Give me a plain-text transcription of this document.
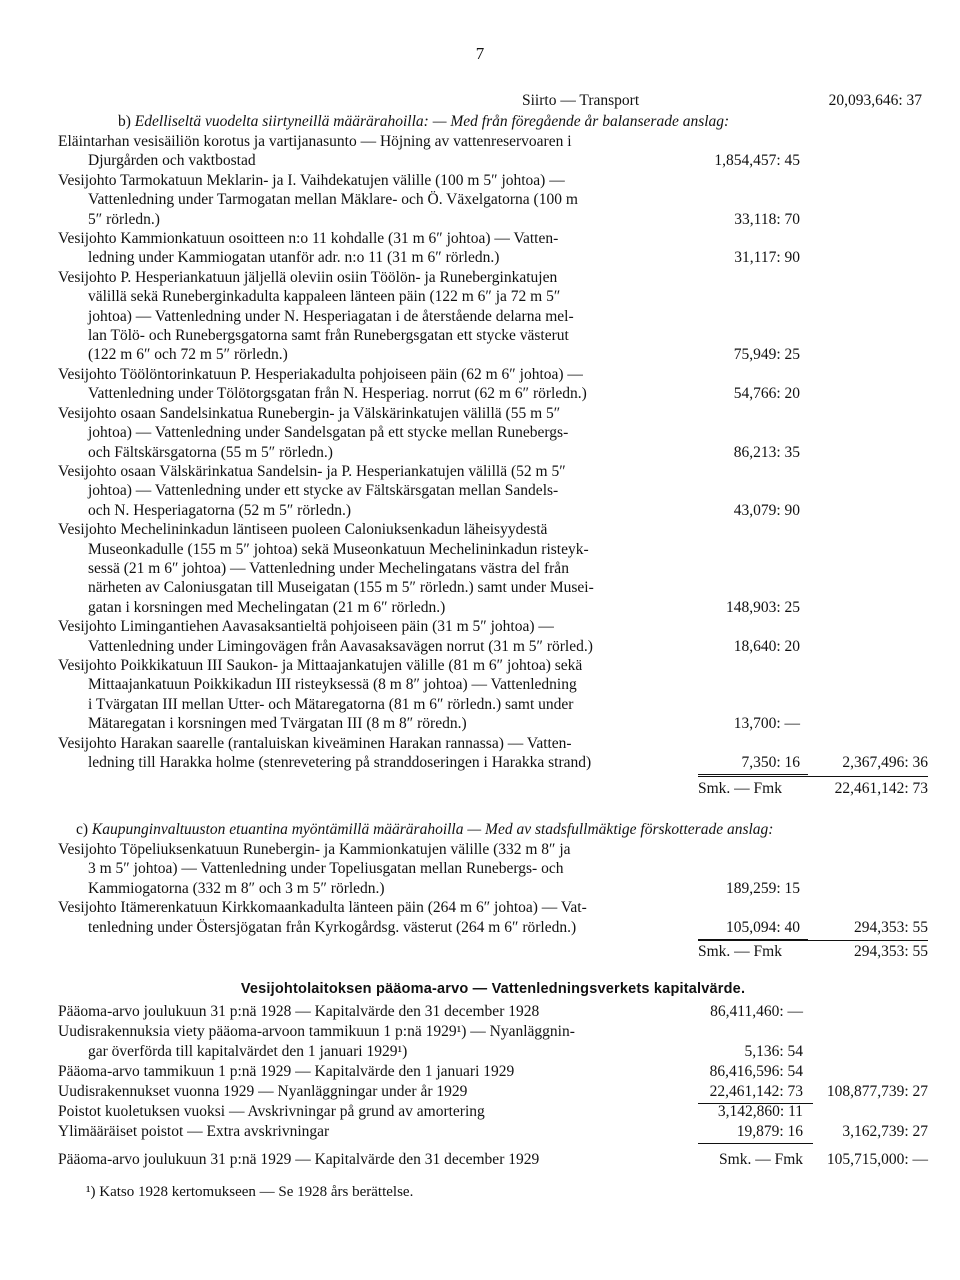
7
Siirto — Transport	20,093,646: 37
b) Edelliseltä vuodelta siirtyneillä määrärahoilla: — Med från föregående år balanserade anslag:
Eläintarhan vesisäiliön korotus ja vartijanasunto — Höjning av vattenreservoaren i
Djurgården och vaktbostad	1,854,457: 45
Vesijohto Tarmokatuun Meklarin- ja I. Vaihdekatujen välille (100 m 5″ johtoa) —
Vattenledning under Tarmogatan mellan Mäklare- och Ö. Växelgatorna (100 m
5″ rörledn.)	33,118: 70
Vesijohto Kammionkatuun osoitteen n:o 11 kohdalle (31 m 6″ johtoa) — Vatten-
ledning under Kammiogatan utanför adr. n:o 11 (31 m 6″ rörledn.)	31,117: 90
Vesijohto P. Hesperiankatuun jäljellä oleviin osiin Töölön- ja Runeberginkatujen
välillä sekä Runeberginkadulta kappaleen länteen päin (122 m 6″ ja 72 m 5″
johtoa) — Vattenledning under N. Hesperiagatan i de återstående delarna mel-
lan Tölö- och Runebergsgatorna samt från Runebergsgatan ett stycke västerut
(122 m 6″ och 72 m 5″ rörledn.)	75,949: 25
Vesijohto Töölöntorinkatuun P. Hesperiakadulta pohjoiseen päin (62 m 6″ johtoa) —
Vattenledning under Tölötorgsgatan från N. Hesperiag. norrut (62 m 6″ rörledn.)	54,766: 20
Vesijohto osaan Sandelsinkatua Runebergin- ja Välskärinkatujen välillä (55 m 5″
johtoa) — Vattenledning under Sandelsgatan på ett stycke mellan Runebergs-
och Fältskärsgatorna (55 m 5″ rörledn.)	86,213: 35
Vesijohto osaan Välskärinkatua Sandelsin- ja P. Hesperiankatujen välillä (52 m 5″
johtoa) — Vattenledning under ett stycke av Fältskärsgatan mellan Sandels-
och N. Hesperiagatorna (52 m 5″ rörledn.)	43,079: 90
Vesijohto Mechelininkadun läntiseen puoleen Caloniuksenkadun läheisyydestä
Museonkadulle (155 m 5″ johtoa) sekä Museonkatuun Mechelininkadun risteyk-
sessä (21 m 6″ johtoa) — Vattenledning under Mechelingatans västra del från
närheten av Caloniusgatan till Museigatan (155 m 5″ rörledn.) samt under Musei-
gatan i korsningen med Mechelingatan (21 m 6″ rörledn.)	148,903: 25
Vesijohto Limingantiehen Aavasaksantieltä pohjoiseen päin (31 m 5″ johtoa) —
Vattenledning under Limingovägen från Aavasaksavägen norrut (31 m 5″ rörled.)	18,640: 20
Vesijohto Poikkikatuun III Saukon- ja Mittaajankatujen välille (81 m 6″ johtoa) sekä
Mittaajankatuun Poikkikadun III risteyksessä (8 m 8″ johtoa) — Vattenledning
i Tvärgatan III mellan Utter- och Mätaregatorna (81 m 6″ rörledn.) samt under
Mätaregatan i korsningen med Tvärgatan III (8 m 8″ röredn.)	13,700: —
Vesijohto Harakan saarelle (rantaluiskan kiveäminen Harakan rannassa) — Vatten-
ledning till Harakka holme (stenrevetering på stranddoseringen i Harakka strand)	7,350: 16	2,367,496: 36
Smk. — Fmk	22,461,142: 73
c) Kaupunginvaltuuston etuantina myöntämillä määrärahoilla — Med av stadsfullmäktige förskotterade anslag:
Vesijohto Töpeliuksenkatuun Runebergin- ja Kammionkatujen välille (332 m 8″ ja
3 m 5″ johtoa) — Vattenledning under Topeliusgatan mellan Runebergs- och
Kammiogatorna (332 m 8″ och 3 m 5″ rörledn.)	189,259: 15
Vesijohto Itämerenkatuun Kirkkomaankadulta länteen päin (264 m 6″ johtoa) — Vat-
tenledning under Östersjögatan från Kyrkogårdsg. västerut (264 m 6″ rörledn.)	105,094: 40	294,353: 55
Smk. — Fmk	294,353: 55
Vesijohtolaitoksen pääoma-arvo — Vattenledningsverkets kapitalvärde.
Pääoma-arvo joulukuun 31 p:nä 1928 — Kapitalvärde den 31 december 1928	86,411,460: —
Uudisrakennuksia viety pääoma-arvoon tammikuun 1 p:nä 1929¹) — Nyanläggnin-
gar överförda till kapitalvärdet den 1 januari 1929¹)	5,136: 54
Pääoma-arvo tammikuun 1 p:nä 1929 — Kapitalvärde den 1 januari 1929	86,416,596: 54
Uudisrakennukset vuonna 1929 — Nyanläggningar under år 1929	22,461,142: 73 108,877,739: 27
Poistot kuoletuksen vuoksi — Avskrivningar på grund av amortering	3,142,860: 11
Ylimääräiset poistot — Extra avskrivningar	19,879: 16	3,162,739: 27
Pääoma-arvo joulukuun 31 p:nä 1929 — Kapitalvärde den 31 december 1929	Smk. — Fmk 105,715,000: —
¹) Katso 1928 kertomukseen — Se 1928 års berättelse.
